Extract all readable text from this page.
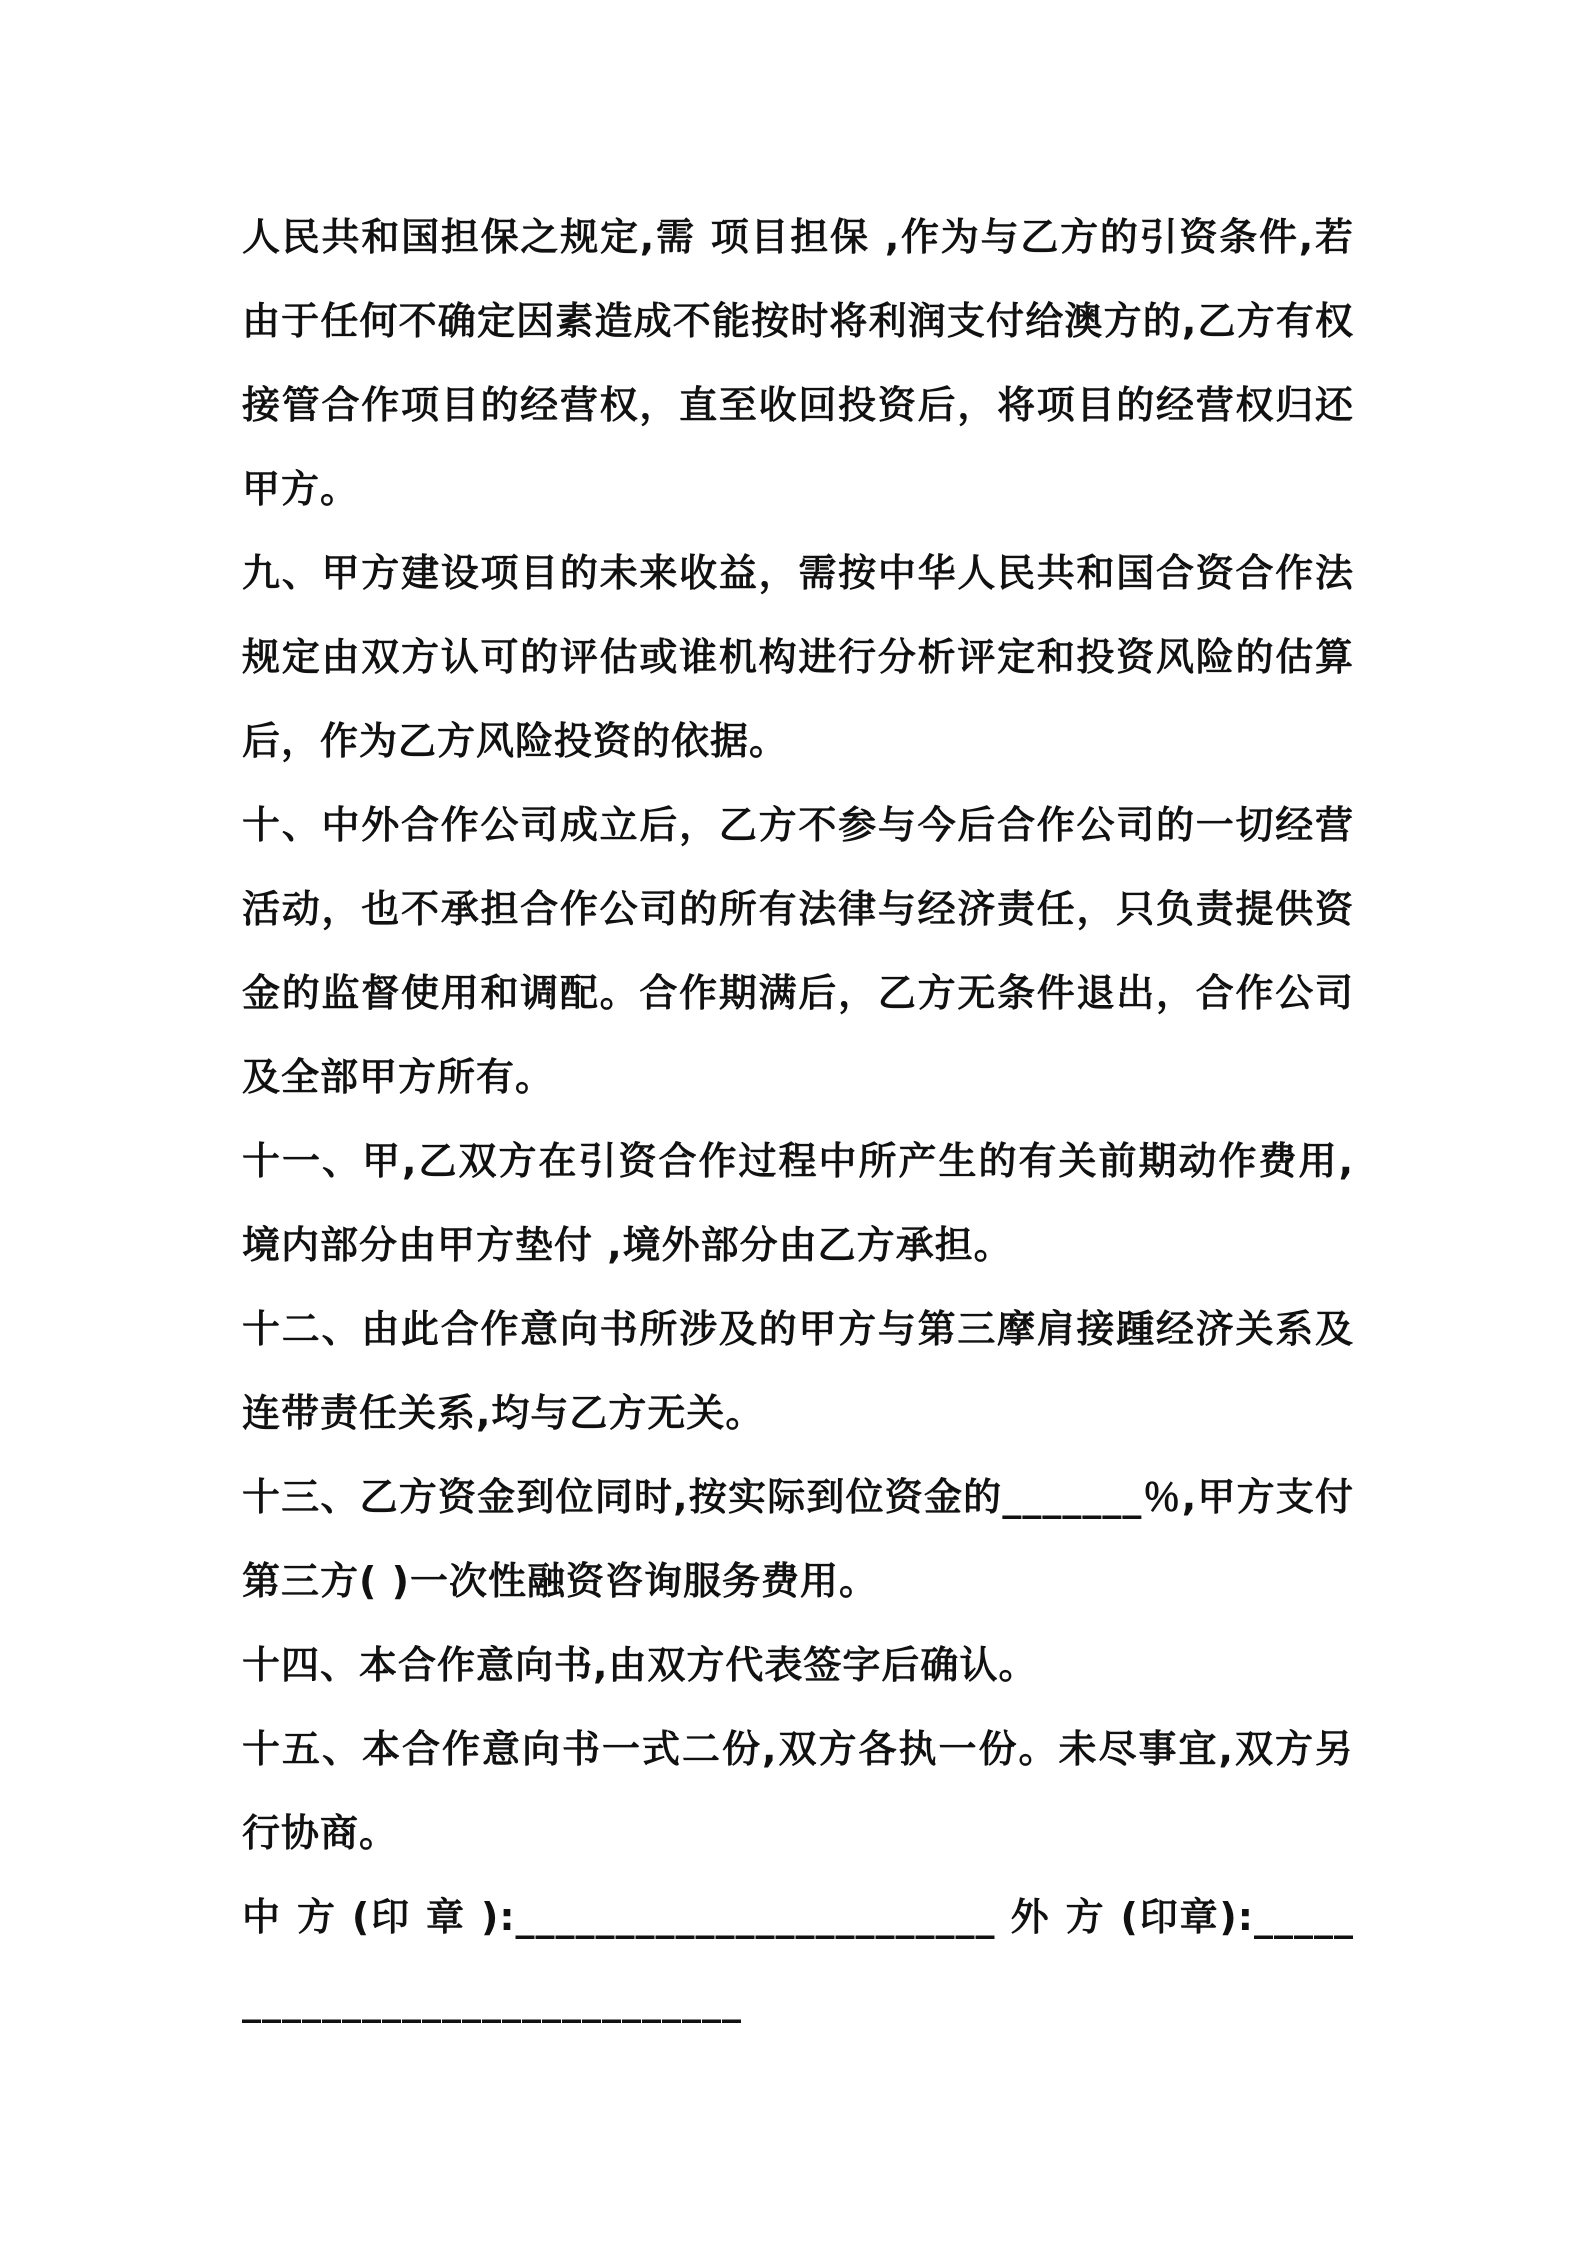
人民共和国担保之规定,需 项目担保 ,作为与乙方的引资条件,若由于任何不确定因素造成不能按时将利润支付给澳方的,乙方有权接管合作项目的经营权，直至收回投资后，将项目的经营权归还甲方。

九、甲方建设项目的未来收益，需按中华人民共和国合资合作法规定由双方认可的评估或谁机构进行分析评定和投资风险的估算后，作为乙方风险投资的依据。

十、中外合作公司成立后，乙方不参与今后合作公司的一切经营活动，也不承担合作公司的所有法律与经济责任，只负责提供资金的监督使用和调配。合作期满后，乙方无条件退出，合作公司及全部甲方所有。

十一、甲,乙双方在引资合作过程中所产生的有关前期动作费用,境内部分由甲方垫付 ,境外部分由乙方承担。

十二、由此合作意向书所涉及的甲方与第三摩肩接踵经济关系及连带责任关系,均与乙方无关。

十三、乙方资金到位同时,按实际到位资金的_______％,甲方支付第三方( )一次性融资咨询服务费用。

十四、本合作意向书,由双方代表签字后确认。

十五、本合作意向书一式二份,双方各执一份。未尽事宜,双方另行协商。

中 方 (印 章 ):________________________ 外 方 (印章):______________________________
